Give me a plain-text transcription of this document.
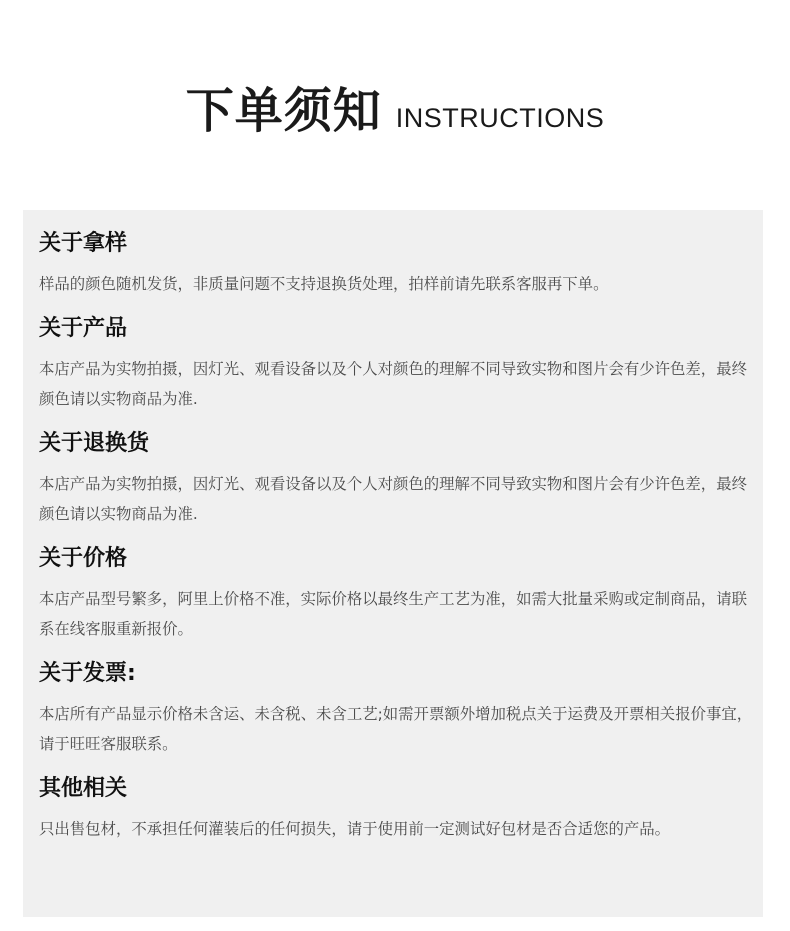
下单须知 INSTRUCTIONS
关于拿样
样品的颜色随机发货，非质量问题不支持退换货处理，拍样前请先联系客服再下单。
关于产品
本店产品为实物拍摄，因灯光、观看设备以及个人对颜色的理解不同导致实物和图片会有少许色差，最终颜色请以实物商品为准.
关于退换货
本店产品为实物拍摄，因灯光、观看设备以及个人对颜色的理解不同导致实物和图片会有少许色差，最终颜色请以实物商品为准.
关于价格
本店产品型号繁多，阿里上价格不准，实际价格以最终生产工艺为准，如需大批量采购或定制商品，请联系在线客服重新报价。
关于发票:
本店所有产品显示价格未含运、未含税、未含工艺;如需开票额外增加税点关于运费及开票相关报价事宜，请于旺旺客服联系。
其他相关
只出售包材，不承担任何灌装后的任何损失，请于使用前一定测试好包材是否合适您的产品。
